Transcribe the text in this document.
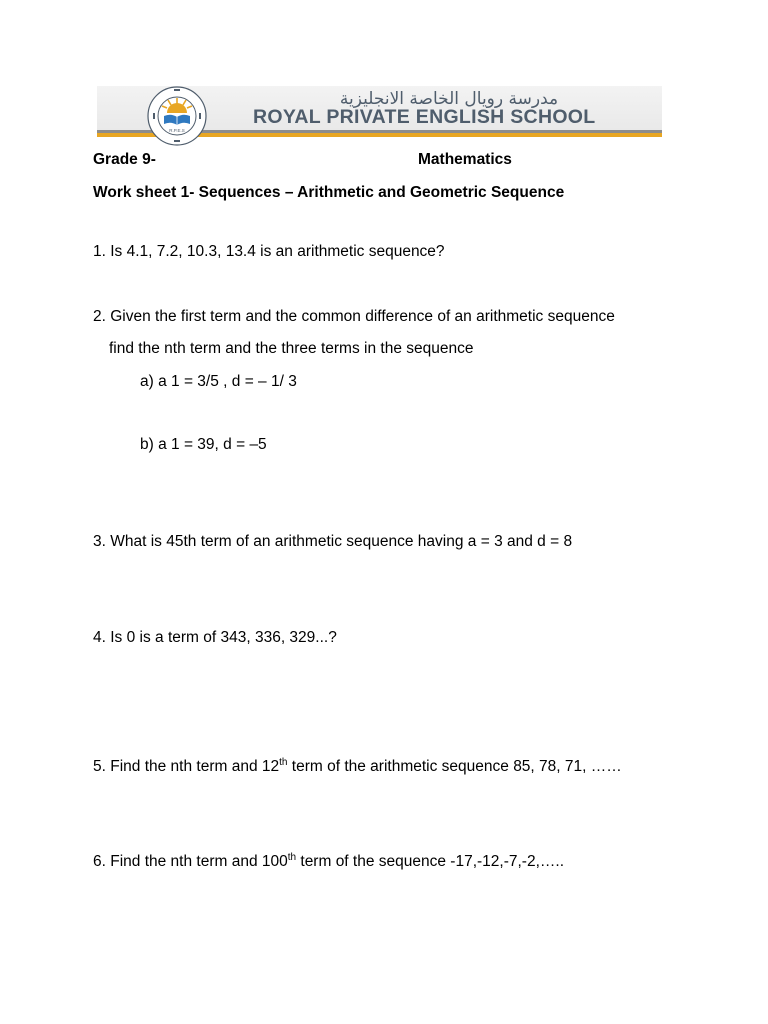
R.P.E.S
مدرسة رويال الخاصة الانجليزية
ROYAL PRIVATE ENGLISH SCHOOL
Grade 9-	Mathematics
Work sheet 1- Sequences – Arithmetic and Geometric Sequence
1. Is 4.1, 7.2, 10.3, 13.4 is an arithmetic sequence?
2. Given the first term and the common difference of an arithmetic sequence
find the nth term and the three terms in the sequence
a) a 1 = 3/5 , d = – 1/ 3
b) a 1 = 39, d = –5
3. What is 45th term of an arithmetic sequence having a = 3 and d = 8
4. Is 0 is a term of 343, 336, 329...?
5. Find the nth term and 12th term of the arithmetic sequence 85, 78, 71, ……
6. Find the nth term and 100th term of the sequence -17,-12,-7,-2,…..
